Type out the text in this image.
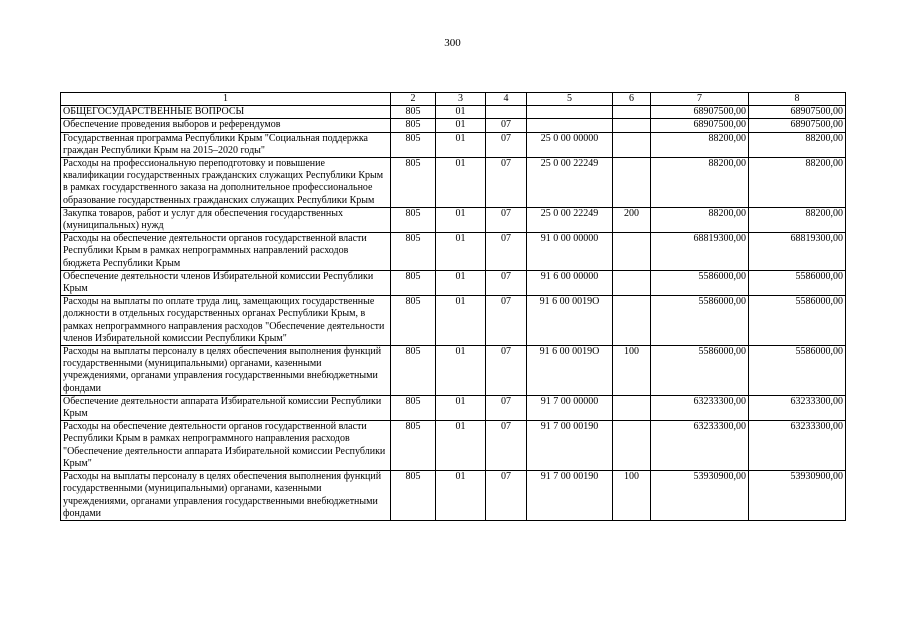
300
1	2	3	4	5	6	7	8
ОБЩЕГОСУДАРСТВЕННЫЕ ВОПРОСЫ	805	01				68907500,00	68907500,00
Обеспечение проведения выборов и референдумов	805	01	07			68907500,00	68907500,00
Государственная программа Республики Крым "Социальная поддержка граждан Республики Крым на 2015–2020 годы"	805	01	07	25 0 00 00000		88200,00	88200,00
Расходы на профессиональную переподготовку и повышение квалификации государственных гражданских служащих Республики Крым в рамках государственного заказа на дополнительное профессиональное образование государственных гражданских служащих Республики Крым	805	01	07	25 0 00 22249		88200,00	88200,00
Закупка товаров, работ и услуг для обеспечения государственных (муниципальных) нужд	805	01	07	25 0 00 22249	200	88200,00	88200,00
Расходы на обеспечение деятельности органов государственной власти Республики Крым в рамках непрограммных направлений расходов бюджета Республики Крым	805	01	07	91 0 00 00000		68819300,00	68819300,00
Обеспечение деятельности членов Избирательной комиссии Республики Крым	805	01	07	91 6 00 00000		5586000,00	5586000,00
Расходы на выплаты по оплате труда лиц, замещающих государственные должности в отдельных государственных органах Республики Крым, в рамках непрограммного направления расходов "Обеспечение деятельности членов Избирательной комиссии Республики Крым"	805	01	07	91 6 00 0019О		5586000,00	5586000,00
Расходы на выплаты персоналу в целях обеспечения выполнения функций государственными (муниципальными) органами, казенными учреждениями, органами управления государственными внебюджетными фондами	805	01	07	91 6 00 0019О	100	5586000,00	5586000,00
Обеспечение деятельности аппарата Избирательной комиссии Республики Крым	805	01	07	91 7 00 00000		63233300,00	63233300,00
Расходы на обеспечение деятельности органов государственной власти Республики Крым в рамках непрограммного направления расходов "Обеспечение деятельности аппарата Избирательной комиссии Республики Крым"	805	01	07	91 7 00 00190		63233300,00	63233300,00
Расходы на выплаты персоналу в целях обеспечения выполнения функций государственными (муниципальными) органами, казенными учреждениями, органами управления государственными внебюджетными фондами	805	01	07	91 7 00 00190	100	53930900,00	53930900,00
